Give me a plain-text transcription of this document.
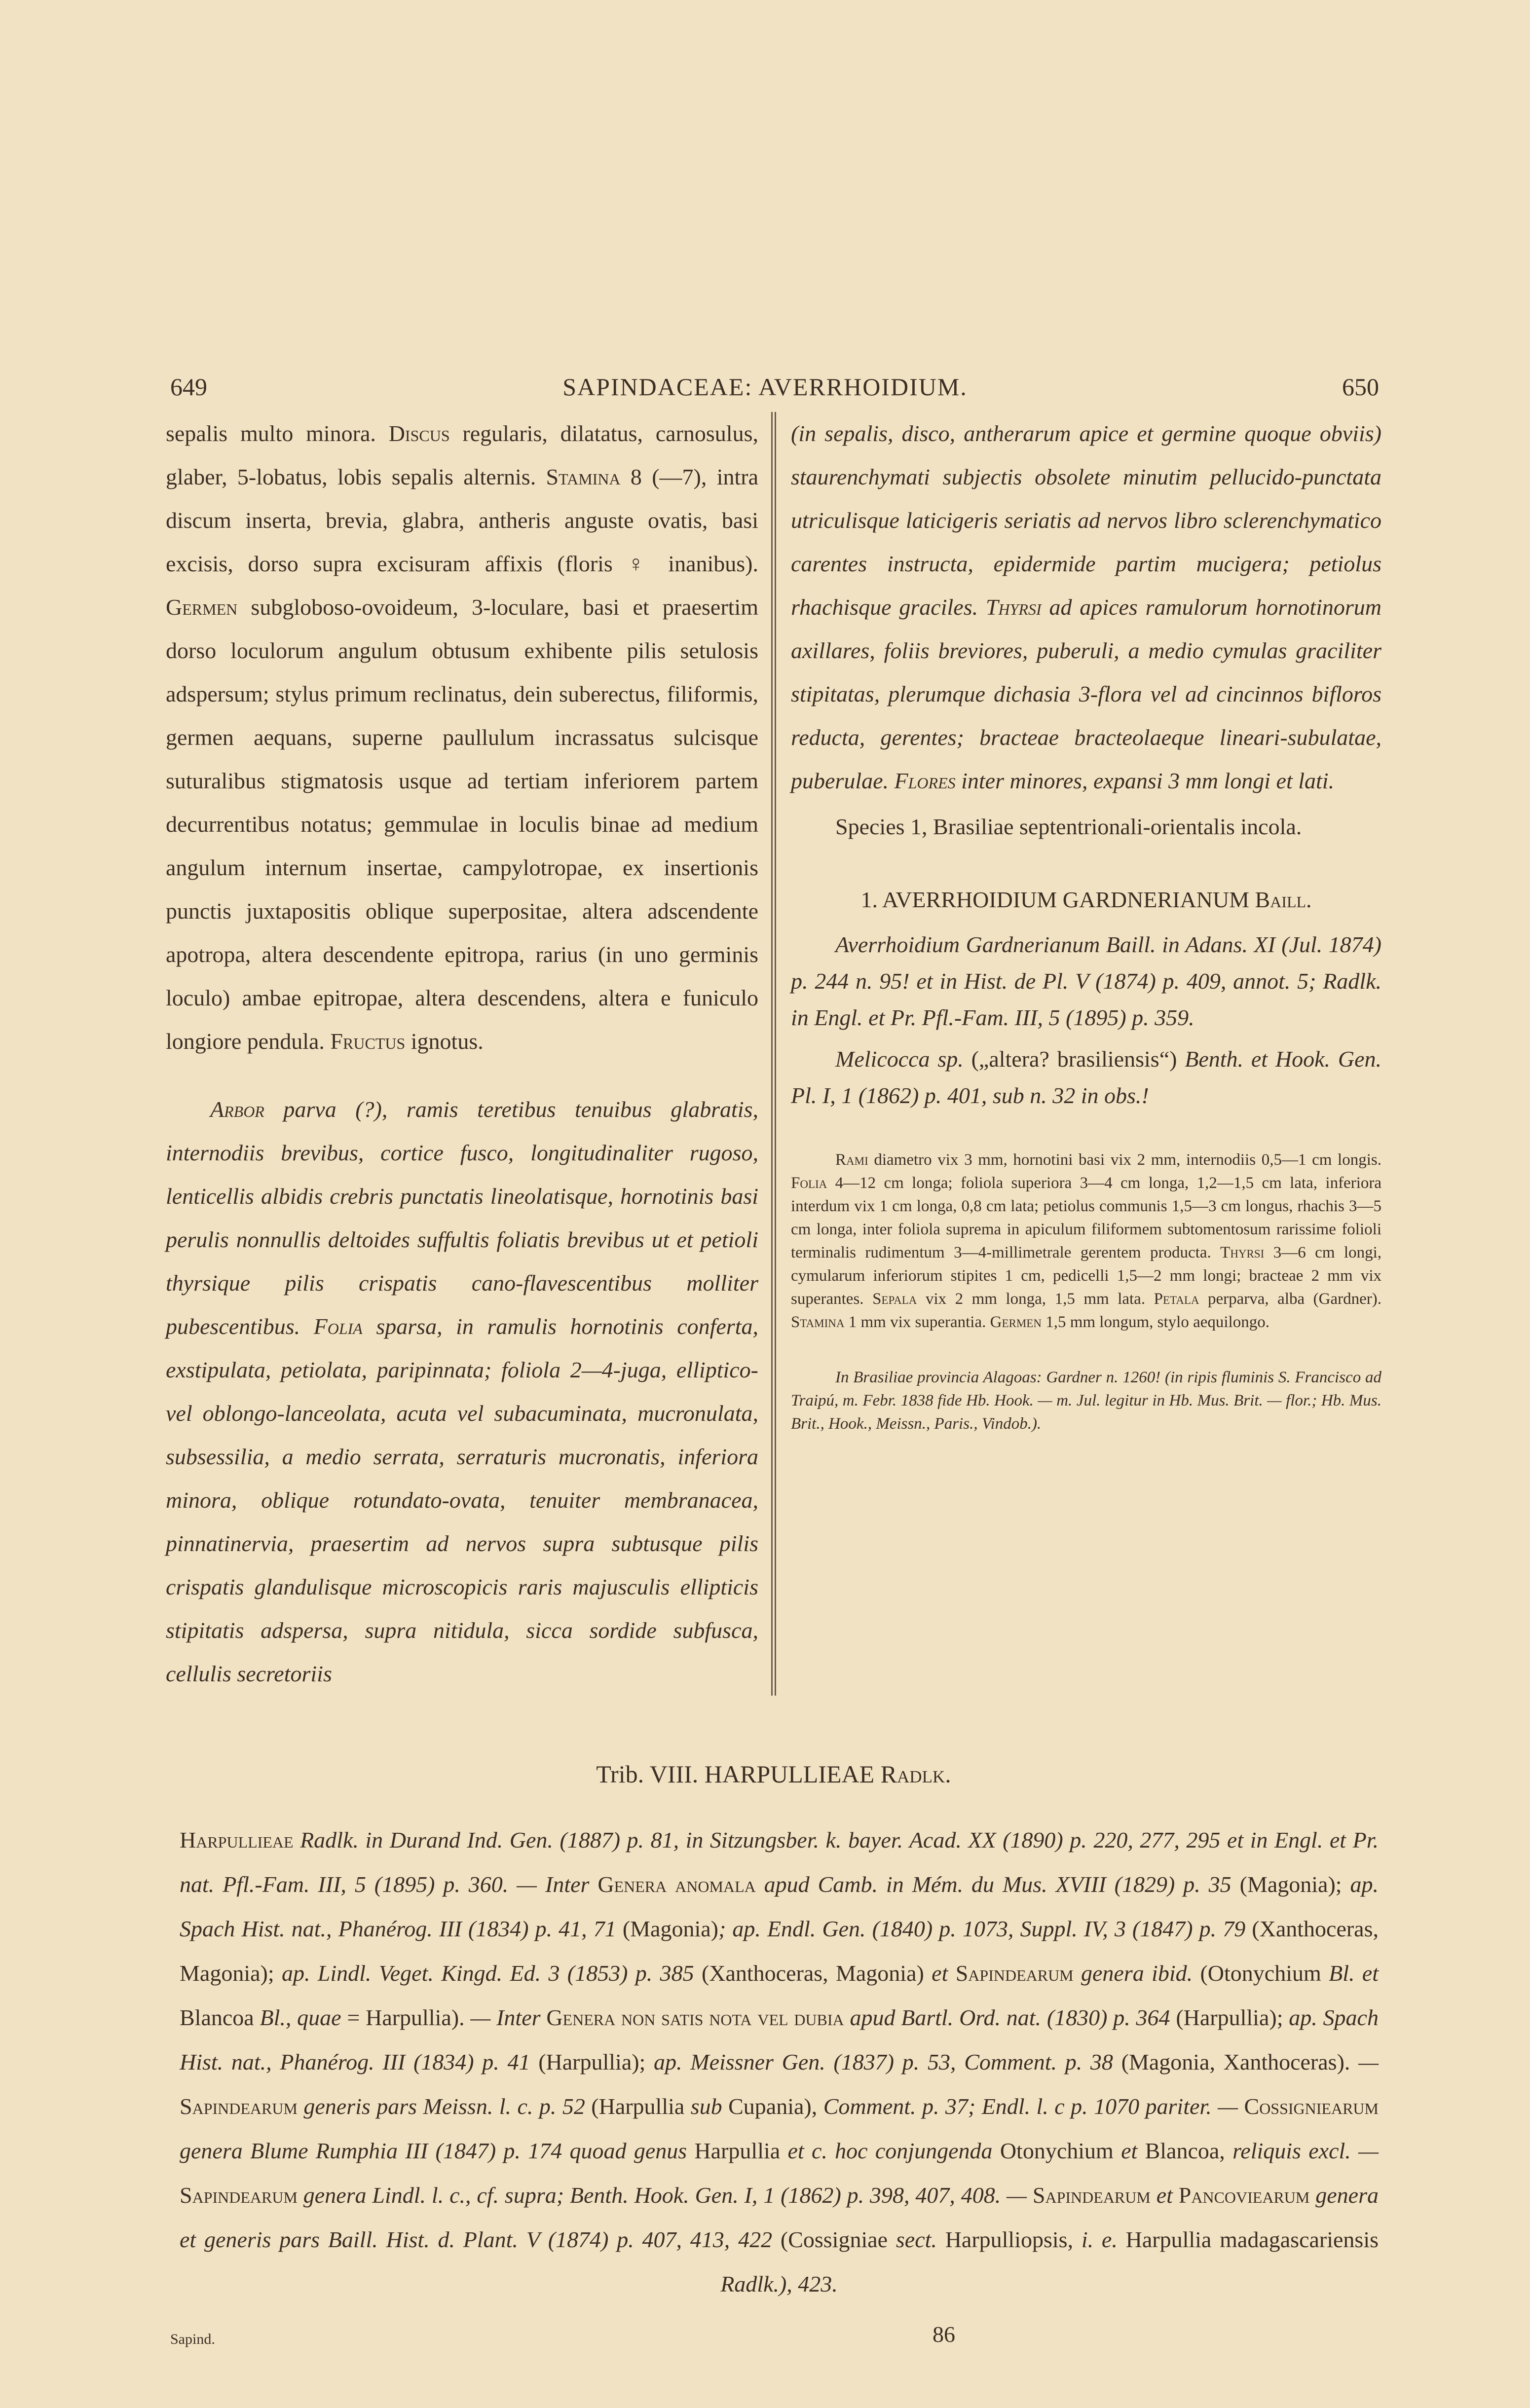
649	SAPINDACEAE: AVERRHOIDIUM.	650

sepalis multo minora. Discus regularis, dilatatus, carnosulus, glaber, 5-lobatus, lobis sepalis alternis. Stamina 8 (—7), intra discum inserta, brevia, glabra, antheris anguste ovatis, basi excisis, dorso supra excisuram affixis (floris ♀ inanibus). Germen subgloboso-ovoideum, 3-loculare, basi et praesertim dorso loculorum angulum obtusum exhibente pilis setulosis adspersum; stylus primum reclinatus, dein suberectus, filiformis, germen aequans, superne paullulum incrassatus sulcisque suturalibus stigmatosis usque ad tertiam inferiorem partem decurrentibus notatus; gemmulae in loculis binae ad medium angulum internum insertae, campylotropae, ex insertionis punctis juxtapositis oblique superpositae, altera adscendente apotropa, altera descendente epitropa, rarius (in uno germinis loculo) ambae epitropae, altera descendens, altera e funiculo longiore pendula. Fructus ignotus.

Arbor parva (?), ramis teretibus tenuibus glabratis, internodiis brevibus, cortice fusco, longitudinaliter rugoso, lenticellis albidis crebris punctatis lineolatisque, hornotinis basi perulis nonnullis deltoides suffultis foliatis brevibus ut et petioli thyrsique pilis crispatis cano-flavescentibus molliter pubescentibus. Folia sparsa, in ramulis hornotinis conferta, exstipulata, petiolata, paripinnata; foliola 2—4-juga, elliptico- vel oblongo-lanceolata, acuta vel subacuminata, mucronulata, subsessilia, a medio serrata, serraturis mucronatis, inferiora minora, oblique rotundato-ovata, tenuiter membranacea, pinnatinervia, praesertim ad nervos supra subtusque pilis crispatis glandulisque microscopicis raris majusculis ellipticis stipitatis adspersa, supra nitidula, sicca sordide subfusca, cellulis secretoriis

(in sepalis, disco, antherarum apice et germine quoque obviis) staurenchymati subjectis obsolete minutim pellucido-punctata utriculisque laticigeris seriatis ad nervos libro sclerenchymatico carentes instructa, epidermide partim mucigera; petiolus rhachisque graciles. Thyrsi ad apices ramulorum hornotinorum axillares, foliis breviores, puberuli, a medio cymulas graciliter stipitatas, plerumque dichasia 3-flora vel ad cincinnos bifloros reducta, gerentes; bracteae bracteolaeque lineari-subulatae, puberulae. Flores inter minores, expansi 3 mm longi et lati.

Species 1, Brasiliae septentrionali-orientalis incola.

1. AVERRHOIDIUM GARDNERIANUM Baill.

Averrhoidium Gardnerianum Baill. in Adans. XI (Jul. 1874) p. 244 n. 95! et in Hist. de Pl. V (1874) p. 409, annot. 5; Radlk. in Engl. et Pr. Pfl.-Fam. III, 5 (1895) p. 359.

Melicocca sp. („altera? brasiliensis“) Benth. et Hook. Gen. Pl. I, 1 (1862) p. 401, sub n. 32 in obs.!

Rami diametro vix 3 mm, hornotini basi vix 2 mm, internodiis 0,5—1 cm longis. Folia 4—12 cm longa; foliola superiora 3—4 cm longa, 1,2—1,5 cm lata, inferiora interdum vix 1 cm longa, 0,8 cm lata; petiolus communis 1,5—3 cm longus, rhachis 3—5 cm longa, inter foliola suprema in apiculum filiformem subtomentosum rarissime folioli terminalis rudimentum 3—4-millimetrale gerentem producta. Thyrsi 3—6 cm longi, cymularum inferiorum stipites 1 cm, pedicelli 1,5—2 mm longi; bracteae 2 mm vix superantes. Sepala vix 2 mm longa, 1,5 mm lata. Petala perparva, alba (Gardner). Stamina 1 mm vix superantia. Germen 1,5 mm longum, stylo aequilongo.

In Brasiliae provincia Alagoas: Gardner n. 1260! (in ripis fluminis S. Francisco ad Traipú, m. Febr. 1838 fide Hb. Hook. — m. Jul. legitur in Hb. Mus. Brit. — flor.; Hb. Mus. Brit., Hook., Meissn., Paris., Vindob.).

Trib. VIII. HARPULLIEAE Radlk.

Harpullieae Radlk. in Durand Ind. Gen. (1887) p. 81, in Sitzungsber. k. bayer. Acad. XX (1890) p. 220, 277, 295 et in Engl. et Pr. nat. Pfl.-Fam. III, 5 (1895) p. 360. — Inter Genera anomala apud Camb. in Mém. du Mus. XVIII (1829) p. 35 (Magonia); ap. Spach Hist. nat., Phanérog. III (1834) p. 41, 71 (Magonia); ap. Endl. Gen. (1840) p. 1073, Suppl. IV, 3 (1847) p. 79 (Xanthoceras, Magonia); ap. Lindl. Veget. Kingd. Ed. 3 (1853) p. 385 (Xanthoceras, Magonia) et Sapindearum genera ibid. (Otonychium Bl. et Blancoa Bl., quae = Harpullia). — Inter Genera non satis nota vel dubia apud Bartl. Ord. nat. (1830) p. 364 (Harpullia); ap. Spach Hist. nat., Phanérog. III (1834) p. 41 (Harpullia); ap. Meissner Gen. (1837) p. 53, Comment. p. 38 (Magonia, Xanthoceras). — Sapindearum generis pars Meissn. l. c. p. 52 (Harpullia sub Cupania), Comment. p. 37; Endl. l. c p. 1070 pariter. — Cossigniearum genera Blume Rumphia III (1847) p. 174 quoad genus Harpullia et c. hoc conjungenda Otonychium et Blancoa, reliquis excl. — Sapindearum genera Lindl. l. c., cf. supra; Benth. Hook. Gen. I, 1 (1862) p. 398, 407, 408. — Sapindearum et Pancoviearum genera et generis pars Baill. Hist. d. Plant. V (1874) p. 407, 413, 422 (Cossigniae sect. Harpulliopsis, i. e. Harpullia madagascariensis Radlk.), 423.

Sapind.	86
